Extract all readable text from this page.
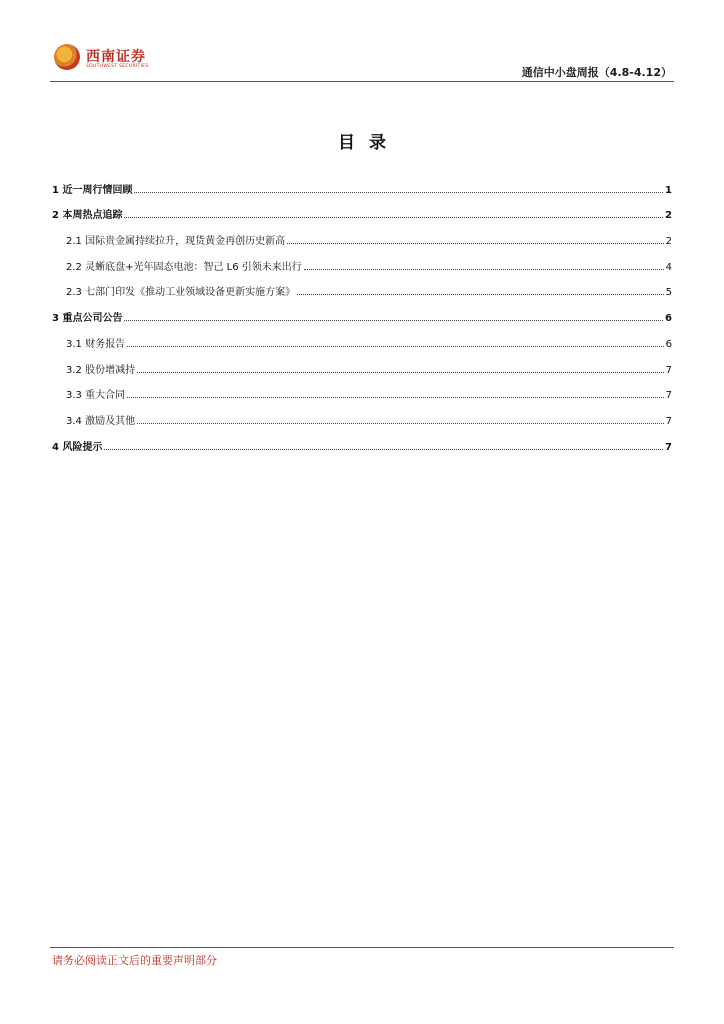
西南证券
SOUTHWEST SECURITIES	通信中小盘周报（4.8-4.12）
目录
1 近一周行情回顾	1
2 本周热点追踪	2
2.1 国际贵金属持续拉升，现货黄金再创历史新高	2
2.2 灵蜥底盘+光年固态电池：智己 L6 引领未来出行	4
2.3 七部门印发《推动工业领域设备更新实施方案》	5
3 重点公司公告	6
3.1 财务报告	6
3.2 股份增减持	7
3.3 重大合同	7
3.4 激励及其他	7
4 风险提示	7
请务必阅读正文后的重要声明部分
